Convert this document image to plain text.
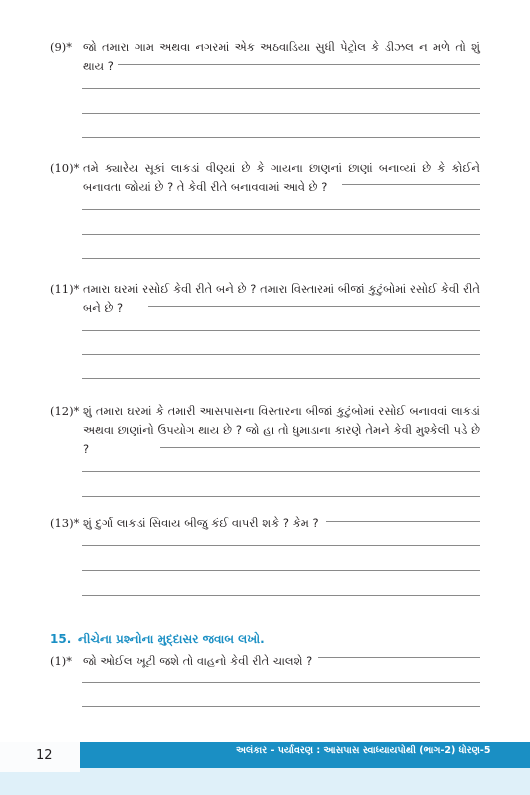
(9)* જો તમારા ગામ અથવા નગરમાં એક અઠવાડિયા સુધી પેટ્રોલ કે ડીઝલ ન મળે તો શું થાય ?
(10)* તમે ક્યારેય સૂકાં લાકડાં વીણ્યાં છે કે ગાયના છાણનાં છાણાં બનાવ્યાં છે કે કોઈને બનાવતા જોયાં છે ? તે કેવી રીતે બનાવવામાં આવે છે ?
(11)* તમારા ઘરમાં રસોઈ કેવી રીતે બને છે ? તમારા વિસ્તારમાં બીજાં કુટુંબોમાં રસોઈ કેવી રીતે બને છે ?
(12)* શું તમારા ઘરમાં કે તમારી આસપાસના વિસ્તારના બીજાં કુટુંબોમાં રસોઈ બનાવવાં લાકડાં અથવા છાણાંનો ઉપયોગ થાય છે ? જો હા તો ધુમાડાના કારણે તેમને કેવી મુશ્કેલી પડે છે ?
(13)* શું દુર્ગા લાકડાં સિવાય બીજુ કંઈ વાપરી શકે ? કેમ ?
15. નીચેના પ્રશ્નોના મુદ્દાસર જવાબ લખો.
(1)* જો ઓઈલ ખૂટી જશે તો વાહનો કેવી રીતે ચાલશે ?
12	અલંકાર - પર્યાવરણ : આસપાસ સ્વાધ્યાયપોથી (ભાગ-2) ધોરણ-5
